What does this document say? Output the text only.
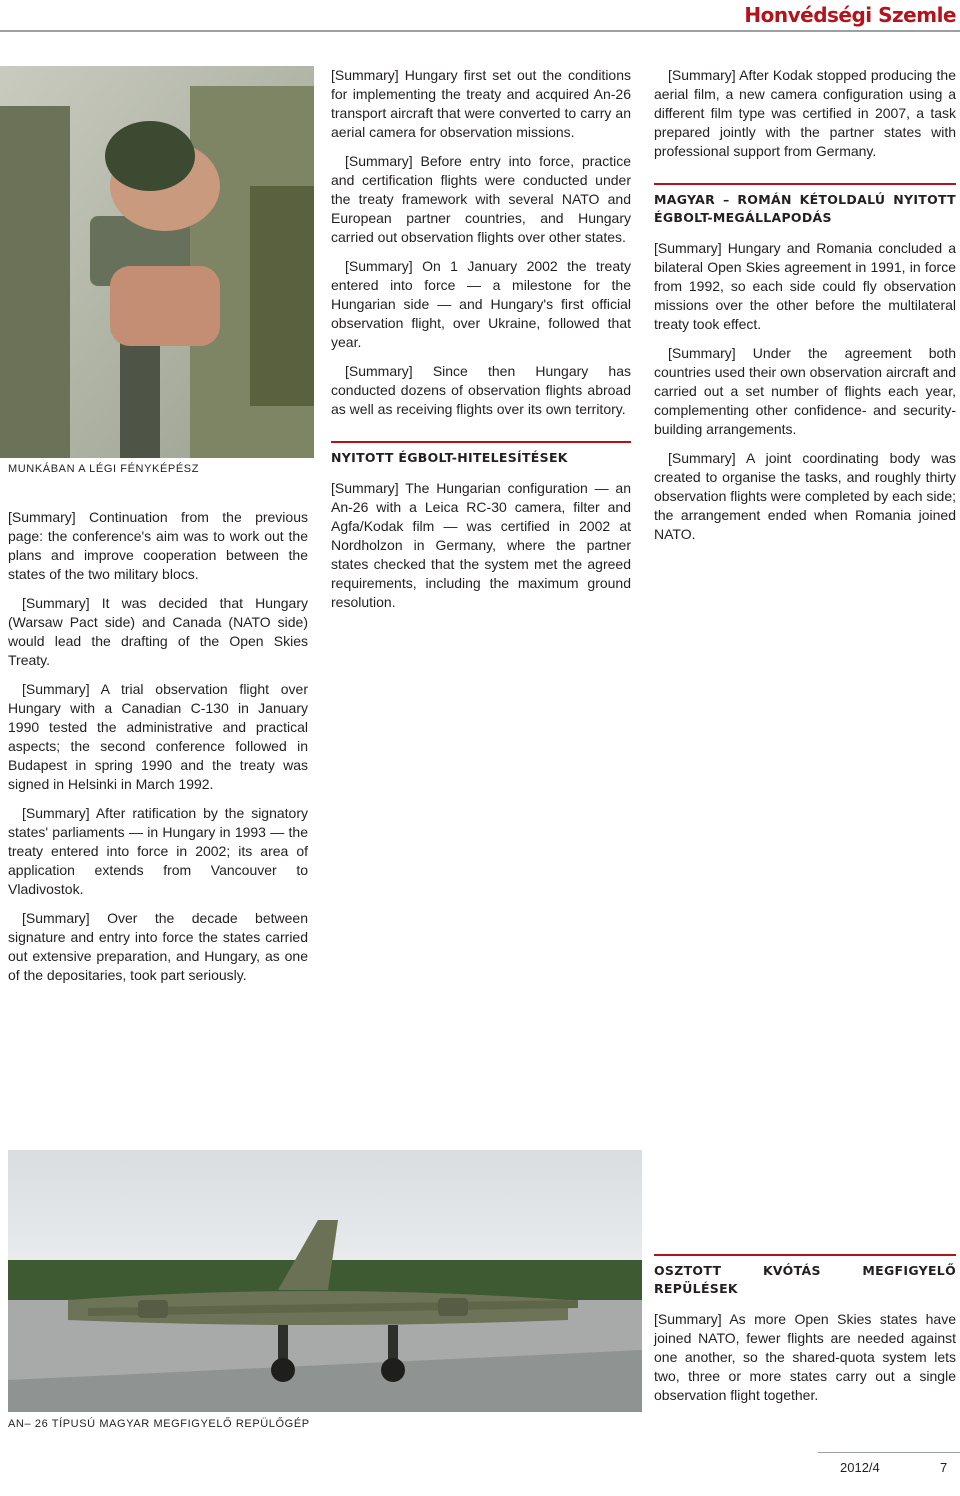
Honvédségi Szemle
MUNKÁBAN A LÉGI FÉNYKÉPÉSZ

[Summary] Continuation from the previous page: the conference's aim was to work out the plans and improve cooperation between the states of the two military blocs.

[Summary] It was decided that Hungary (Warsaw Pact side) and Canada (NATO side) would lead the drafting of the Open Skies Treaty.

[Summary] A trial observation flight over Hungary with a Canadian C-130 in January 1990 tested the administrative and practical aspects; the second conference followed in Budapest in spring 1990 and the treaty was signed in Helsinki in March 1992.

[Summary] After ratification by the signatory states' parliaments — in Hungary in 1993 — the treaty entered into force in 2002; its area of application extends from Vancouver to Vladivostok.

[Summary] Over the decade between signature and entry into force the states carried out extensive preparation, and Hungary, as one of the depositaries, took part seriously.

[Summary] Hungary first set out the conditions for implementing the treaty and acquired An-26 transport aircraft that were converted to carry an aerial camera for observation missions.

[Summary] Before entry into force, practice and certification flights were conducted under the treaty framework with several NATO and European partner countries, and Hungary carried out observation flights over other states.

[Summary] On 1 January 2002 the treaty entered into force — a milestone for the Hungarian side — and Hungary's first official observation flight, over Ukraine, followed that year.

[Summary] Since then Hungary has conducted dozens of observation flights abroad as well as receiving flights over its own territory.

NYITOTT ÉGBOLT-HITELESÍTÉSEK

[Summary] The Hungarian configuration — an An-26 with a Leica RC-30 camera, filter and Agfa/Kodak film — was certified in 2002 at Nordholzon in Germany, where the partner states checked that the system met the agreed requirements, including the maximum ground resolution.

[Summary] After Kodak stopped producing the aerial film, a new camera configuration using a different film type was certified in 2007, a task prepared jointly with the partner states with professional support from Germany.

MAGYAR – ROMÁN KÉTOLDALÚ NYITOTT ÉGBOLT-MEGÁLLAPODÁS

[Summary] Hungary and Romania concluded a bilateral Open Skies agreement in 1991, in force from 1992, so each side could fly observation missions over the other before the multilateral treaty took effect.

[Summary] Under the agreement both countries used their own observation aircraft and carried out a set number of flights each year, complementing other confidence- and security-building arrangements.

[Summary] A joint coordinating body was created to organise the tasks, and roughly thirty observation flights were completed by each side; the arrangement ended when Romania joined NATO.

OSZTOTT KVÓTÁS MEGFIGYELŐ REPÜLÉSEK

[Summary] As more Open Skies states have joined NATO, fewer flights are needed against one another, so the shared-quota system lets two, three or more states carry out a single observation flight together.

AN– 26 TÍPUSÚ MAGYAR MEGFIGYELŐ REPÜLŐGÉP
2012/4	7
